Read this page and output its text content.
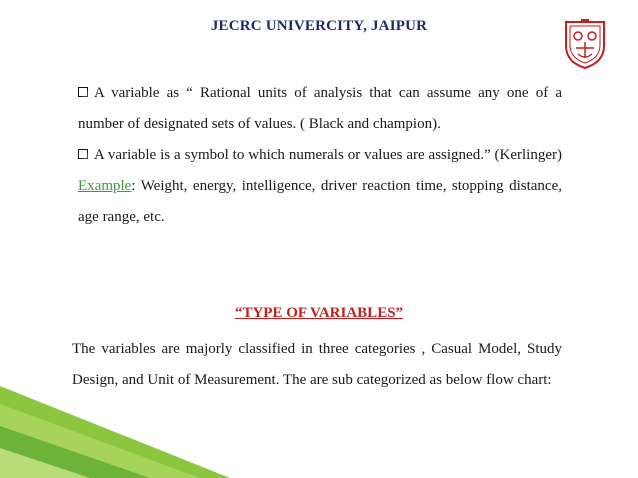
JECRC UNIVERCITY, JAIPUR

A variable as “ Rational units of analysis that can assume any one of a number of designated sets of values. ( Black and champion).

A variable is a symbol to which numerals or values are assigned.” (Kerlinger) Example: Weight, energy, intelligence, driver reaction time, stopping distance, age range, etc.

“TYPE OF VARIABLES”
The variables are majorly classified in three categories , Casual Model, Study Design, and Unit of Measurement. The are sub categorized as below flow chart:
